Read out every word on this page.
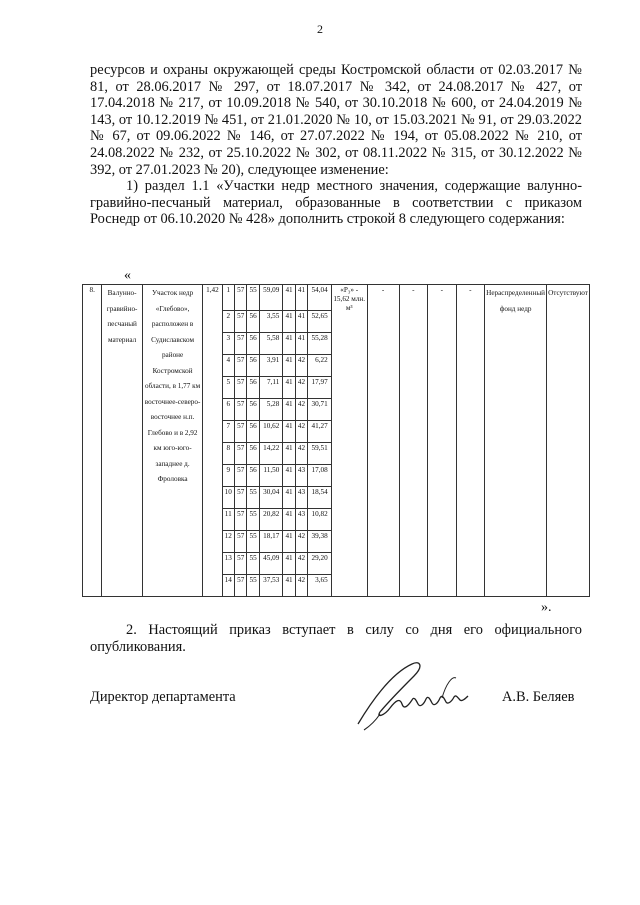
2

ресурсов и охраны окружающей среды Костромской области от 02.03.2017 № 81, от 28.06.2017 № 297, от 18.07.2017 № 342, от 24.08.2017 № 427, от 17.04.2018 № 217, от 10.09.2018 № 540, от 30.10.2018 № 600, от 24.04.2019 № 143, от 10.12.2019 № 451, от 21.01.2020 № 10, от 15.03.2021 № 91, от 29.03.2022 № 67, от 09.06.2022 № 146, от 27.07.2022 № 194, от 05.08.2022 № 210, от 24.08.2022 № 232, от 25.10.2022 № 302, от 08.11.2022 № 315, от 30.12.2022 № 392, от 27.01.2023 № 20), следующее изменение:

1) раздел 1.1 «Участки недр местного значения, содержащие валунно-гравийно-песчаный материал, образованные в соответствии с приказом Роснедр от 06.10.2020 № 428» дополнить строкой 8 следующего содержания:

«
8.	Валунно-гравийно-песчаный материал	Участок недр «Глебово», расположен в Судиславском районе Костромской области, в 1,77 км восточнее-северо-восточнее н.п. Глебово и в 2,92 км юго-юго-западнее д. Фроловка	1,42	1	57	55	59,09	41	41	54,04	«P₃» - 15,62 млн. м³	-	-	-	-	Нераспределенный фонд недр	Отсутствуют
				2	57	56	3,55	41	41	52,65							
				3	57	56	5,58	41	41	55,28							
				4	57	56	3,91	41	42	6,22							
				5	57	56	7,11	41	42	17,97							
				6	57	56	5,28	41	42	30,71							
				7	57	56	10,62	41	42	41,27							
				8	57	56	14,22	41	42	59,51							
				9	57	56	11,50	41	43	17,08							
				10	57	55	30,04	41	43	18,54							
				11	57	55	20,82	41	43	10,82							
				12	57	55	18,17	41	42	39,38							
				13	57	55	45,09	41	42	29,20							
				14	57	55	37,53	41	42	3,65							
».

2. Настоящий приказ вступает в силу со дня его официального опубликования.

Директор департамента	А.В. Беляев
